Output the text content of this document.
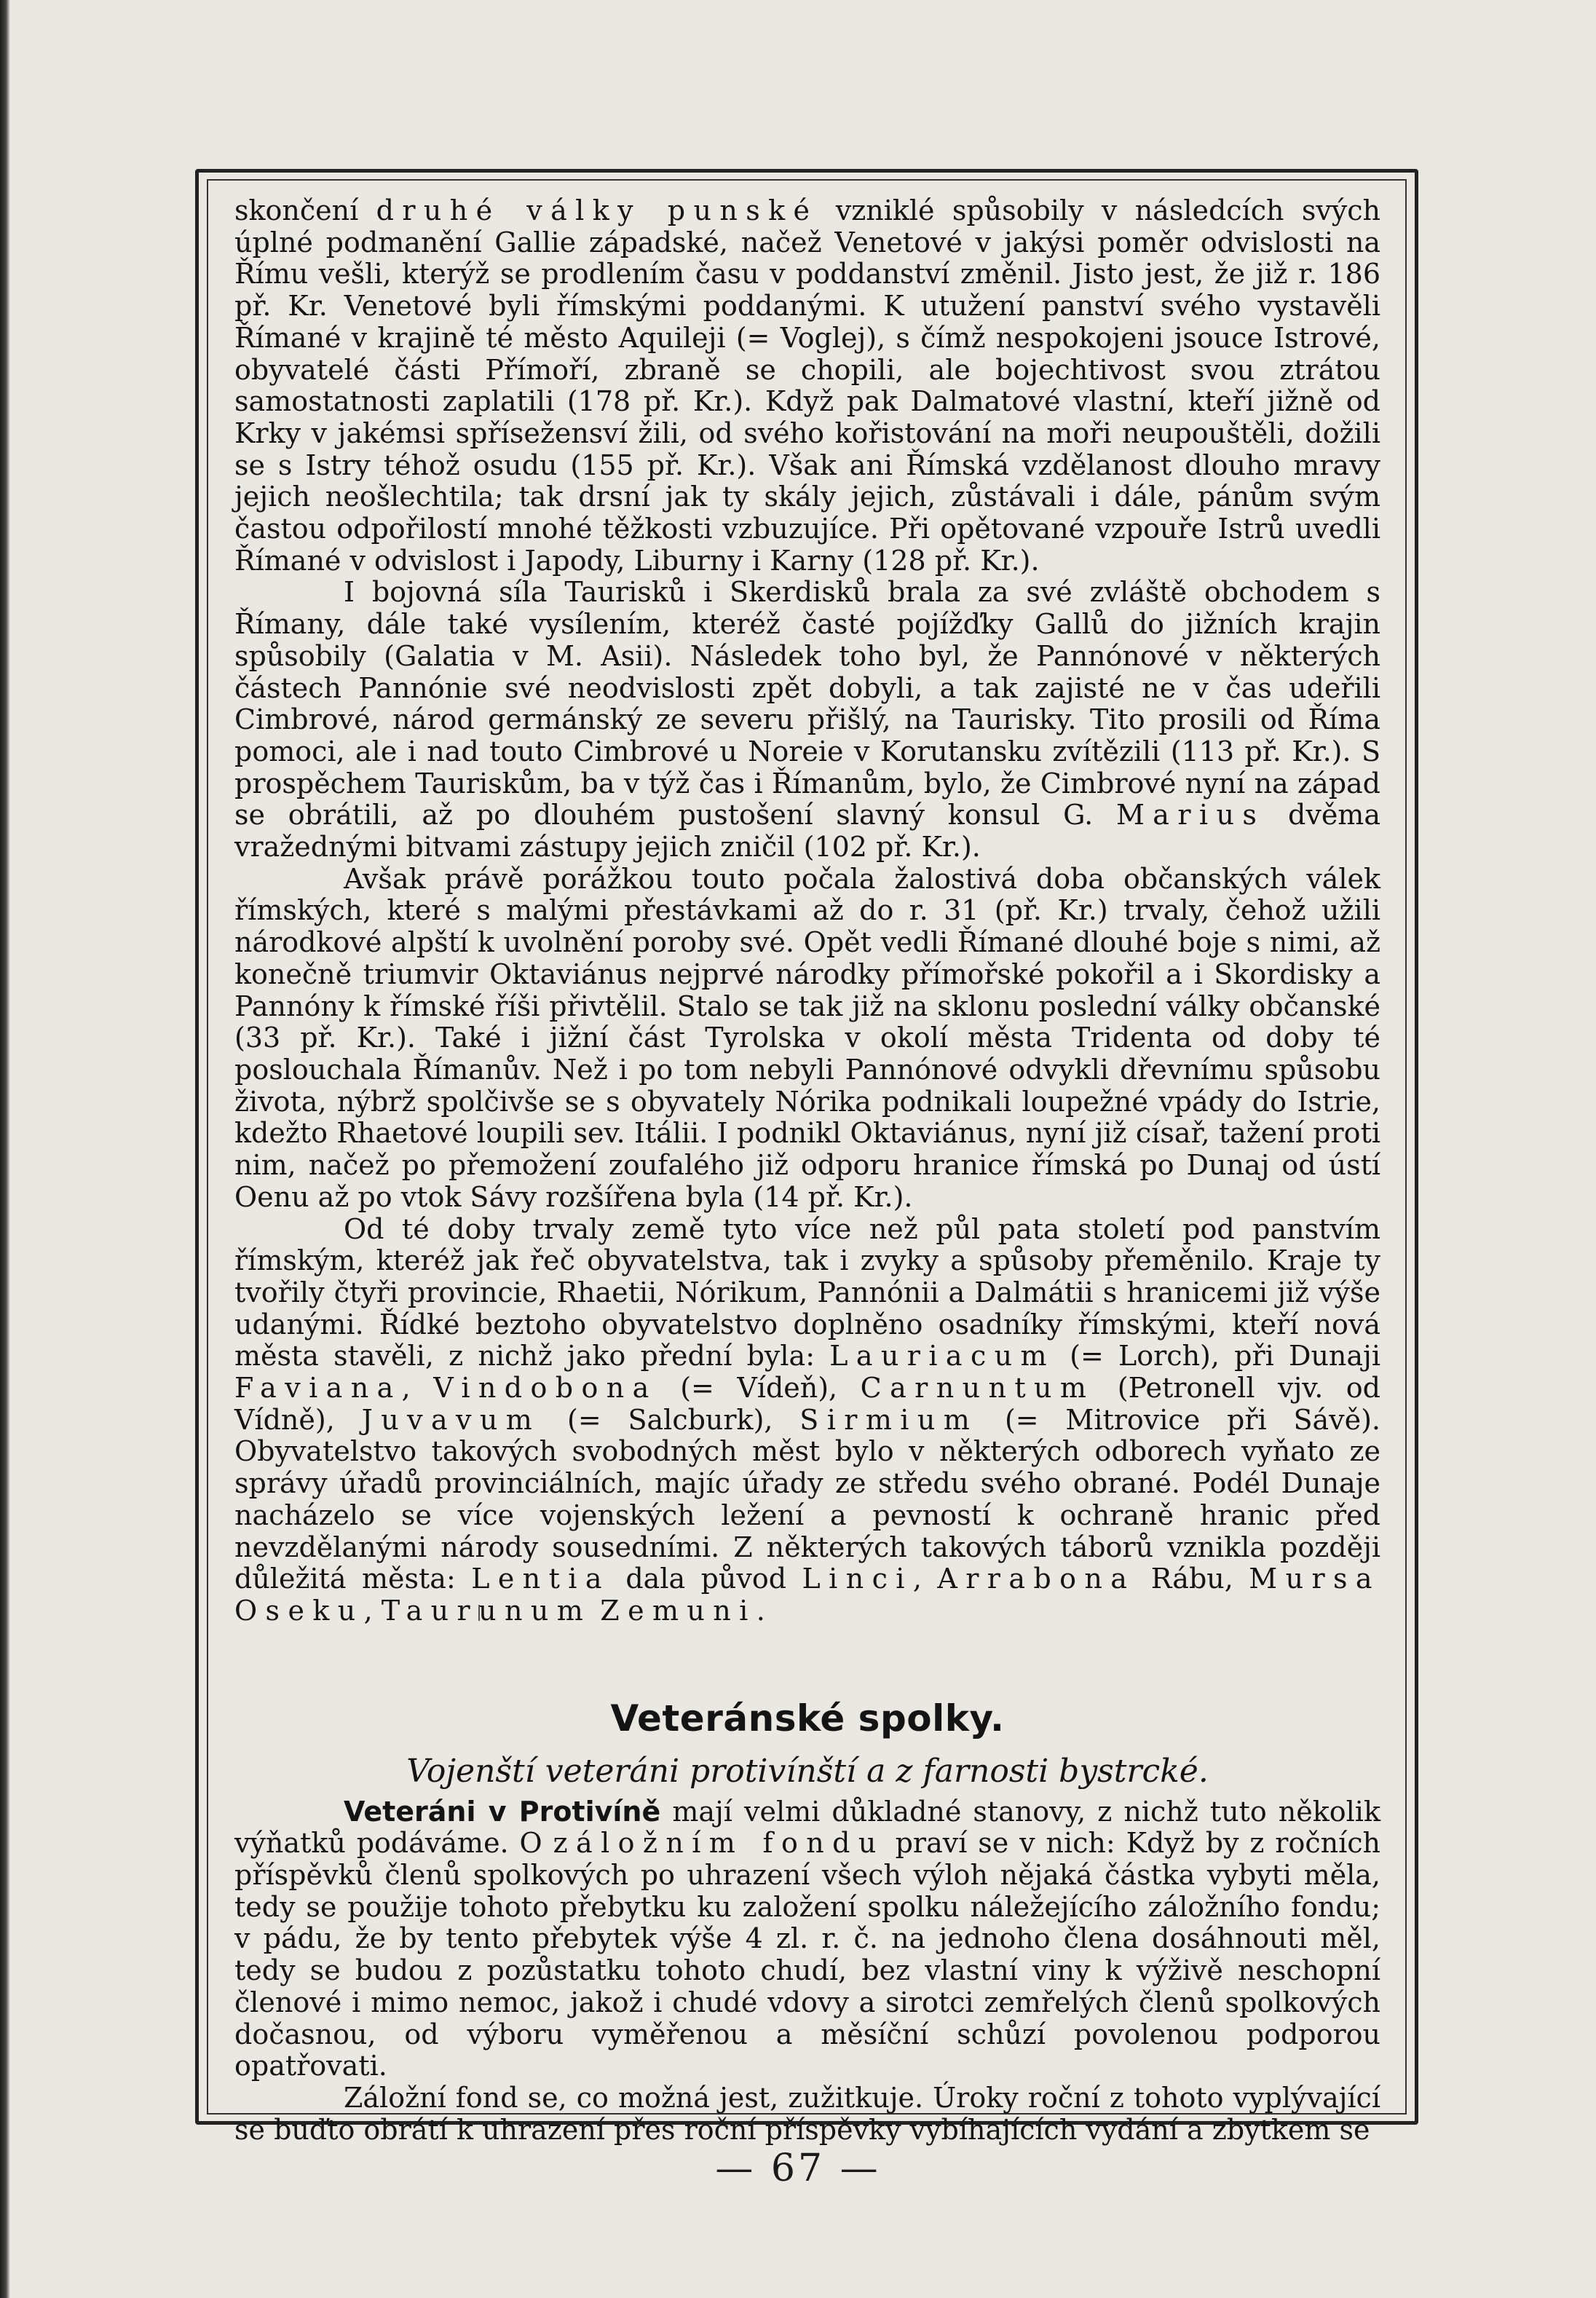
skončení druhé války punské vzniklé spůsobily v následcích svých úplné podmanění Gallie západské, načež Venetové v jakýsi poměr odvislosti na Římu vešli, kterýž se prodlením času v poddanství změnil. Jisto jest, že již r. 186 př. Kr. Venetové byli římskými poddanými. K utužení panství svého vystavěli Římané v krajině té město Aquileji (= Voglej), s čímž nespokojeni jsouce Istrové, obyvatelé části Přímoří, zbraně se chopili, ale bojechtivost svou ztrátou samostatnosti zaplatili (178 př. Kr.). Když pak Dalmatové vlastní, kteří jižně od Krky v jakémsi spřísežensví žili, od svého kořistování na moři neupouštěli, dožili se s Istry téhož osudu (155 př. Kr.). Však ani Římská vzdělanost dlouho mravy jejich neošlechtila; tak drsní jak ty skály jejich, zůstávali i dále, pánům svým častou odpořilostí mnohé těžkosti vzbuzujíce. Při opětované vzpouře Istrů uvedli Římané v odvislost i Japody, Liburny i Karny (128 př. Kr.).

I bojovná síla Taurisků i Skerdisků brala za své zvláště obchodem s Římany, dále také vysílením, kteréž časté pojížďky Gallů do jižních krajin spůsobily (Galatia v M. Asii). Následek toho byl, že Pannónové v některých částech Pannónie své neodvislosti zpět dobyli, a tak zajisté ne v čas udeřili Cimbrové, národ germánský ze severu přišlý, na Taurisky. Tito prosili od Říma pomoci, ale i nad touto Cimbrové u Noreie v Korutansku zvítězili (113 př. Kr.). S prospěchem Tauriskům, ba v týž čas i Římanům, bylo, že Cimbrové nyní na západ se obrátili, až po dlouhém pustošení slavný konsul G. Marius dvěma vražednými bitvami zástupy jejich zničil (102 př. Kr.).

Avšak právě porážkou touto počala žalostivá doba občanských válek římských, které s malými přestávkami až do r. 31 (př. Kr.) trvaly, čehož užili národkové alpští k uvolnění poroby své. Opět vedli Římané dlouhé boje s nimi, až konečně triumvir Oktaviánus nejprvé národky přímořské pokořil a i Skordisky a Pannóny k římské říši přivtělil. Stalo se tak již na sklonu poslední války občanské (33 př. Kr.). Také i jižní část Tyrolska v okolí města Tridenta od doby té poslouchala Římanův. Než i po tom nebyli Pannónové odvykli dřevnímu spůsobu života, nýbrž spolčivše se s obyvately Nórika podnikali loupežné vpády do Istrie, kdežto Rhaetové loupili sev. Itálii. I podnikl Oktaviánus, nyní již císař, tažení proti nim, načež po přemožení zoufalého již odporu hranice římská po Dunaj od ústí Oenu až po vtok Sávy rozšířena byla (14 př. Kr.).

Od té doby trvaly země tyto více než půl pata století pod panstvím římským, kteréž jak řeč obyvatelstva, tak i zvyky a spůsoby přeměnilo. Kraje ty tvořily čtyři provincie, Rhaetii, Nórikum, Pannónii a Dalmátii s hranicemi již výše udanými. Řídké beztoho obyvatelstvo doplněno osadníky římskými, kteří nová města stavěli, z nichž jako přední byla: Lauriacum (= Lorch), při Dunaji Faviana, Vindobona (= Vídeň), Carnuntum (Petronell vjv. od Vídně), Juvavum (= Salcburk), Sirmium (= Mitrovice při Sávě). Obyvatelstvo takových svobodných měst bylo v některých odborech vyňato ze správy úřadů provinciálních, majíc úřady ze středu svého obrané. Podél Dunaje nacházelo se více vojenských ležení a pevností k ochraně hranic před nevzdělanými národy sousedními. Z některých takových táborů vznikla později důležitá města: Lentia dala původ Linci, Arrabona Rábu, Mursa Oseku, Taurunum Zemuni.

Veteránské spolky.
Vojenští veteráni protivínští a z farnosti bystrcké.

Veteráni v Protivíně mají velmi důkladné stanovy, z nichž tuto několik výňatků podáváme. O záložním fondu praví se v nich: Když by z ročních příspěvků členů spolkových po uhrazení všech výloh nějaká částka vybyti měla, tedy se použije tohoto přebytku ku založení spolku náležejícího záložního fondu; v pádu, že by tento přebytek výše 4 zl. r. č. na jednoho člena dosáhnouti měl, tedy se budou z pozůstatku tohoto chudí, bez vlastní viny k výživě neschopní členové i mimo nemoc, jakož i chudé vdovy a sirotci zemřelých členů spolkových dočasnou, od výboru vyměřenou a měsíční schůzí povolenou podporou opatřovati.

Záložní fond se, co možná jest, zužitkuje. Úroky roční z tohoto vyplývající se buďto obrátí k uhrazení přes roční příspěvky vybíhajících vydání a zbytkem se

— 67 —
